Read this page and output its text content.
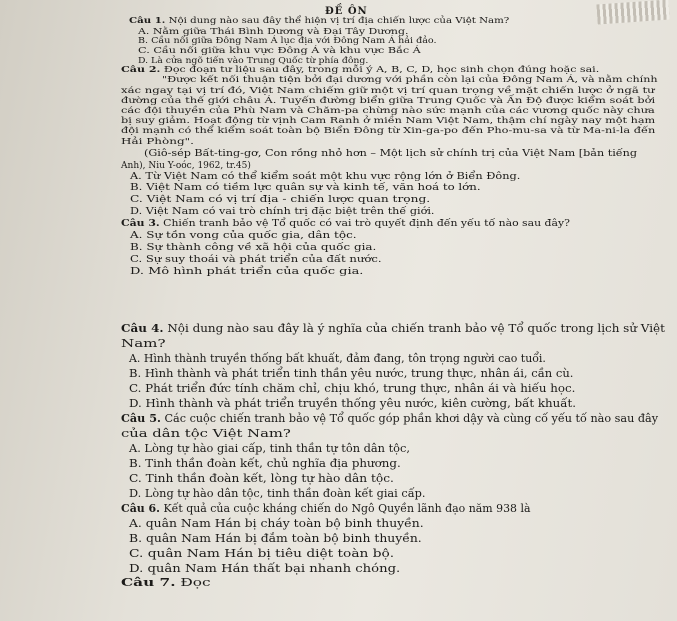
ĐỀ ÔN
Câu 1. Nội dung nào sau đây thể hiện vị trí địa chiến lược của Việt Nam?
A. Nằm giữa Thái Bình Dương và Đại Tây Dương.
B. Cầu nối giữa Đông Nam Á lục địa với Đông Nam Á hải đảo.
C. Cầu nối giữa khu vực Đông Á và khu vực Bắc Á
D. Là cửa ngõ tiến vào Trung Quốc từ phía đông.
Câu 2. Đọc đoạn tư liệu sau đây, trong mỗi ý A, B, C, D, học sinh chọn đúng hoặc sai.
"Được kết nối thuận tiện bởi đại dương với phần còn lại của Đông Nam Á, và nằm chính
xác ngay tại vị trí đó, Việt Nam chiếm giữ một vị trí quan trọng về mặt chiến lược ở ngã tư
đường của thế giới châu Á. Tuyến đường biển giữa Trung Quốc và Ấn Độ được kiểm soát bởi
các đội thuyền của Phù Nam và Chăm-pa chừng nào sức mạnh của các vương quốc này chưa
bị suy giảm. Hoạt động từ vịnh Cam Ranh ở miền Nam Việt Nam, thậm chí ngày nay một hạm
đội mạnh có thể kiểm soát toàn bộ Biển Đông từ Xin-ga-po đến Pho-mu-sa và từ Ma-ni-la đến
Hải Phòng".
(Giô-sép Bất-ting-gơ, Con rồng nhỏ hơn – Một lịch sử chính trị của Việt Nam [bản tiếng
Anh), Niu Y-oóc, 1962, tr.45)
A. Từ Việt Nam có thể kiểm soát một khu vực rộng lớn ở Biển Đông.
B. Việt Nam có tiềm lực quân sự và kinh tế, văn hoá to lớn.
C. Việt Nam có vị trí địa - chiến lược quan trọng.
D. Việt Nam có vai trò chính trị đặc biệt trên thế giới.
Câu 3. Chiến tranh bảo vệ Tổ quốc có vai trò quyết định đến yếu tố nào sau đây?
A. Sự tồn vong của quốc gia, dân tộc.
B. Sự thành công về xã hội của quốc gia.
C. Sự suy thoái và phát triển của đất nước.
D. Mô hình phát triển của quốc gia.
Câu 4. Nội dung nào sau đây là ý nghĩa của chiến tranh bảo vệ Tổ quốc trong lịch sử Việt
Nam?
A. Hình thành truyền thống bất khuất, đảm đang, tôn trọng người cao tuổi.
B. Hình thành và phát triển tinh thần yêu nước, trung thực, nhân ái, cần cù.
C. Phát triển đức tính chăm chỉ, chịu khó, trung thực, nhân ái và hiếu học.
D. Hình thành và phát triển truyền thống yêu nước, kiên cường, bất khuất.
Câu 5. Các cuộc chiến tranh bảo vệ Tổ quốc góp phần khơi dậy và cùng cố yếu tố nào sau đây
của dân tộc Việt Nam?
A. Lòng tự hào giai cấp, tinh thần tự tôn dân tộc,
B. Tinh thần đoàn kết, chủ nghĩa địa phương.
C. Tinh thần đoàn kết, lòng tự hào dân tộc.
D. Lòng tự hào dân tộc, tinh thần đoàn kết giai cấp.
Câu 6. Kết quả của cuộc kháng chiến do Ngô Quyền lãnh đạo năm 938 là
A. quân Nam Hán bị cháy toàn bộ binh thuyền.
B. quân Nam Hán bị đắm toàn bộ binh thuyền.
C. quân Nam Hán bị tiêu diệt toàn bộ.
D. quân Nam Hán thất bại nhanh chóng.
Câu 7. Đọc
